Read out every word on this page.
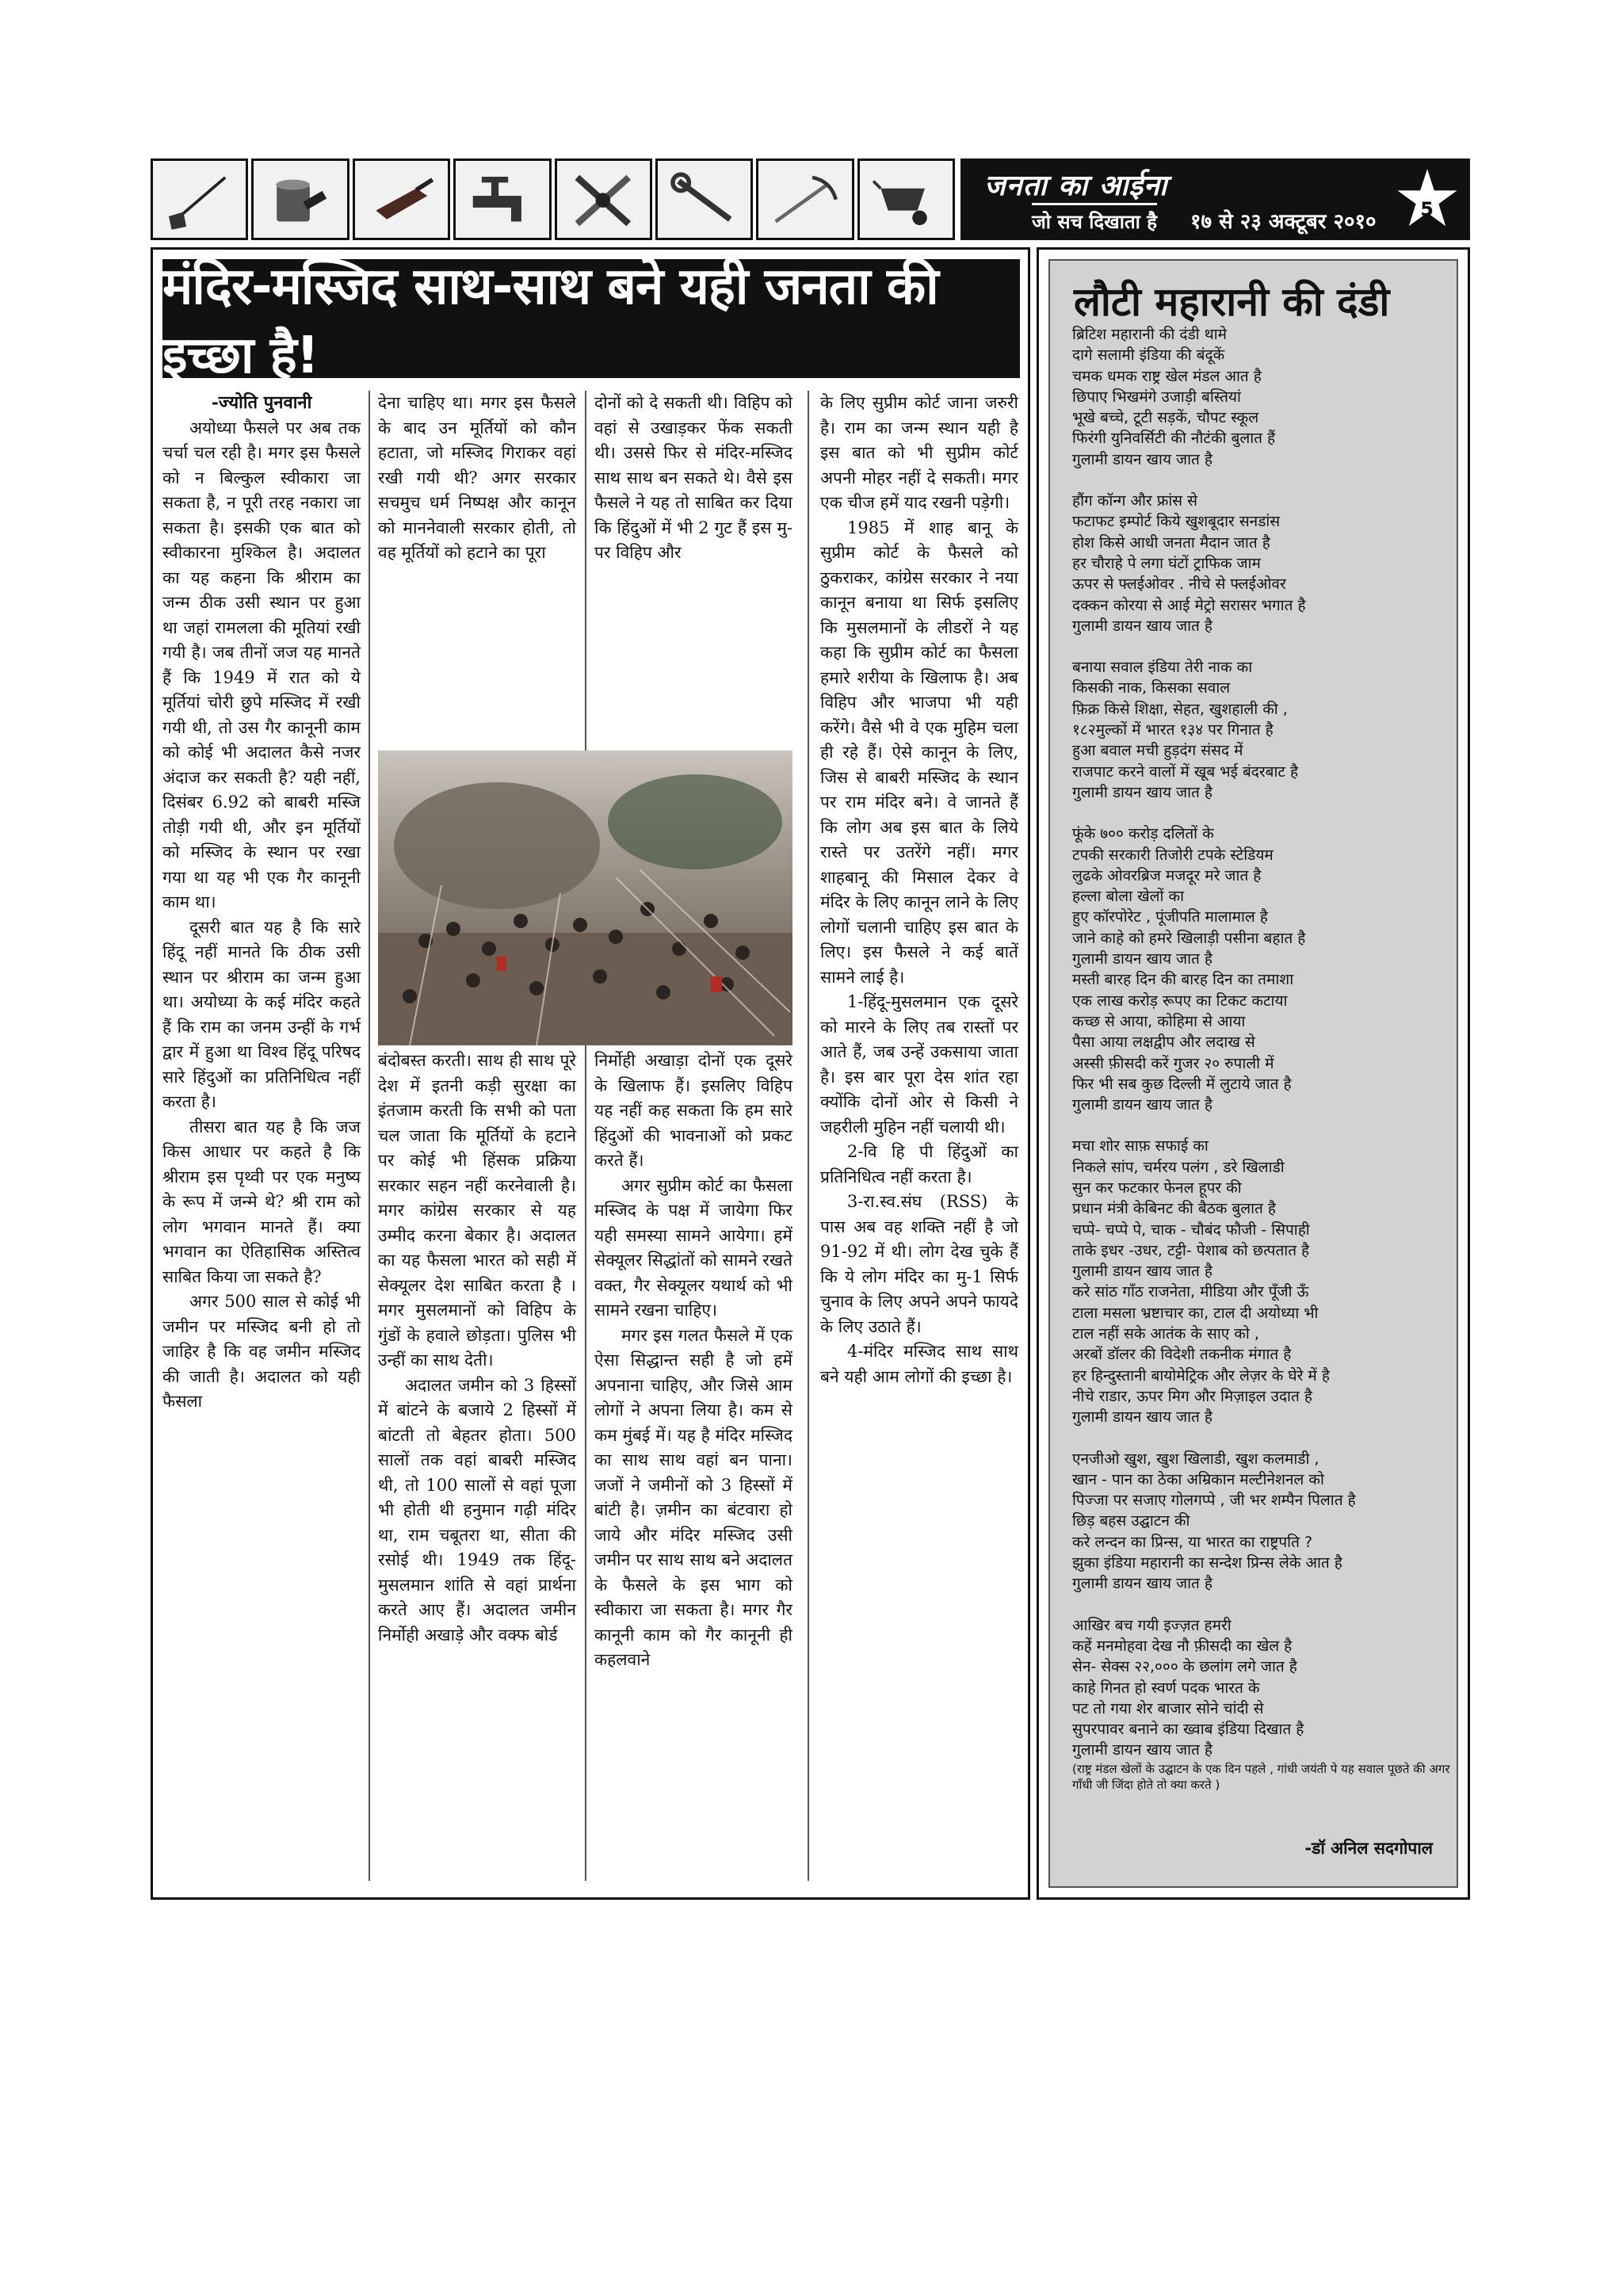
जनता का आईना
जो सच दिखाता है १७ से २३ अक्टूबर २०१०
5
मंदिर-मस्जिद साथ-साथ बने यही जनता की इच्छा है!

-ज्योति पुनवानी

अयोध्या फैसले पर अब तक चर्चा चल रही है। मगर इस फैसले को न बिल्कुल स्वीकारा जा सकता है, न पूरी तरह नकारा जा सकता है। इसकी एक बात को स्वीकारना मुश्किल है। अदालत का यह कहना कि श्रीराम का जन्म ठीक उसी स्थान पर हुआ था जहां रामलला की मूतियां रखी गयी है। जब तीनों जज यह मानते हैं कि 1949 में रात को ये मूर्तियां चोरी छुपे मस्जिद में रखी गयी थी, तो उस गैर कानूनी काम को कोई भी अदालत कैसे नजर अंदाज कर सकती है? यही नहीं, दिसंबर 6.92 को बाबरी मस्जि तोड़ी गयी थी, और इन मूर्तियों को मस्जिद के स्थान पर रखा गया था यह भी एक गैर कानूनी काम था।

दूसरी बात यह है कि सारे हिंदू नहीं मानते कि ठीक उसी स्थान पर श्रीराम का जन्म हुआ था। अयोध्या के कई मंदिर कहते हैं कि राम का जनम उन्हीं के गर्भ द्वार में हुआ था विश्व हिंदू परिषद सारे हिंदुओं का प्रतिनिधित्व नहीं करता है।

तीसरा बात यह है कि जज किस आधार पर कहते है कि श्रीराम इस पृथ्वी पर एक मनुष्य के रूप में जन्मे थे? श्री राम को लोग भगवान मानते हैं। क्या भगवान का ऐतिहासिक अस्तित्व साबित किया जा सकते है?

अगर 500 साल से कोई भी जमीन पर मस्जिद बनी हो तो जाहिर है कि वह जमीन मस्जिद की जाती है। अदालत को यही फैसला

देना चाहिए था। मगर इस फैसले के बाद उन मूर्तियों को कौन हटाता, जो मस्जिद गिराकर वहां रखी गयी थी? अगर सरकार सचमुच धर्म निष्पक्ष और कानून को माननेवाली सरकार होती, तो वह मूर्तियों को हटाने का पूरा

दोनों को दे सकती थी। विहिप को वहां से उखाड़कर फेंक सकती थी। उससे फिर से मंदिर-मस्जिद साथ साथ बन सकते थे। वैसे इस फैसले ने यह तो साबित कर दिया कि हिंदुओं में भी 2 गुट हैं इस मु- पर विहिप और

बंदोबस्त करती। साथ ही साथ पूरे देश में इतनी कड़ी सुरक्षा का इंतजाम करती कि सभी को पता चल जाता कि मूर्तियों के हटाने पर कोई भी हिंसक प्रक्रिया सरकार सहन नहीं करनेवाली है। मगर कांग्रेस सरकार से यह उम्मीद करना बेकार है। अदालत का यह फैसला भारत को सही में सेक्यूलर देश साबित करता है । मगर मुसलमानों को विहिप के गुंडों के हवाले छोड़ता। पुलिस भी उन्हीं का साथ देती।

अदालत जमीन को 3 हिस्सों में बांटने के बजाये 2 हिस्सों में बांटती तो बेहतर होता। 500 सालों तक वहां बाबरी मस्जिद थी, तो 100 सालों से वहां पूजा भी होती थी हनुमान गढ़ी मंदिर था, राम चबूतरा था, सीता की रसोई थी। 1949 तक हिंदू-मुसलमान शांति से वहां प्रार्थना करते आए हैं। अदालत जमीन निर्मोही अखाड़े और वक्फ बोर्ड

निर्मोही अखाड़ा दोनों एक दूसरे के खिलाफ हैं। इसलिए विहिप यह नहीं कह सकता कि हम सारे हिंदुओं की भावनाओं को प्रकट करते हैं।

अगर सुप्रीम कोर्ट का फैसला मस्जिद के पक्ष में जायेगा फिर यही समस्या सामने आयेगा। हमें सेक्यूलर सिद्धांतों को सामने रखते वक्त, गैर सेक्यूलर यथार्थ को भी सामने रखना चाहिए।

मगर इस गलत फैसले में एक ऐसा सिद्धान्त सही है जो हमें अपनाना चाहिए, और जिसे आम लोगों ने अपना लिया है। कम से कम मुंबई में। यह है मंदिर मस्जिद का साथ साथ वहां बन पाना। जजों ने जमीनों को 3 हिस्सों में बांटी है। ज़मीन का बंटवारा हो जाये और मंदिर मस्जिद उसी जमीन पर साथ साथ बने अदालत के फैसले के इस भाग को स्वीकारा जा सकता है। मगर गैर कानूनी काम को गैर कानूनी ही कहलवाने

के लिए सुप्रीम कोर्ट जाना जरुरी है। राम का जन्म स्थान यही है इस बात को भी सुप्रीम कोर्ट अपनी मोहर नहीं दे सकती। मगर एक चीज हमें याद रखनी पड़ेगी।

1985 में शाह बानू के सुप्रीम कोर्ट के फैसले को ठुकराकर, कांग्रेस सरकार ने नया कानून बनाया था सिर्फ इसलिए कि मुसलमानों के लीडरों ने यह कहा कि सुप्रीम कोर्ट का फैसला हमारे शरीया के खिलाफ है। अब विहिप और भाजपा भी यही करेंगे। वैसे भी वे एक मुहिम चला ही रहे हैं। ऐसे कानून के लिए, जिस से बाबरी मस्जिद के स्थान पर राम मंदिर बने। वे जानते हैं कि लोग अब इस बात के लिये रास्ते पर उतरेंगे नहीं। मगर शाहबानू की मिसाल देकर वे मंदिर के लिए कानून लाने के लिए लोगों चलानी चाहिए इस बात के लिए। इस फैसले ने कई बातें सामने लाई है।

1-हिंदू-मुसलमान एक दूसरे को मारने के लिए तब रास्तों पर आते हैं, जब उन्हें उकसाया जाता है। इस बार पूरा देस शांत रहा क्योंकि दोनों ओर से किसी ने जहरीली मुहिन नहीं चलायी थी।

2-वि हि पी हिंदुओं का प्रतिनिधित्व नहीं करता है।

3-रा.स्व.संघ (RSS) के पास अब वह शक्ति नहीं है जो 91-92 में थी। लोग देख चुके हैं कि ये लोग मंदिर का मु-1 सिर्फ चुनाव के लिए अपने अपने फायदे के लिए उठाते हैं।

4-मंदिर मस्जिद साथ साथ बने यही आम लोगों की इच्छा है।

लौटी महारानी की दंडी
ब्रिटिश महारानी की दंडी थामे
दागे सलामी इंडिया की बंदूकें
चमक धमक राष्ट्र खेल मंडल आत है
छिपाए भिखमंगे उजाड़ी बस्तियां
भूखे बच्चे, टूटी सड़कें, चौपट स्कूल
फिरंगी युनिवर्सिटी की नौटंकी बुलात हैं
गुलामी डायन खाय जात है
हौंग कॉन्ग और फ्रांस से
फटाफट इम्पोर्ट किये खुशबूदार सनडांस
होश किसे आधी जनता मैदान जात है
हर चौराहे पे लगा घंटों ट्राफिक जाम
ऊपर से फ्लईओवर . नीचे से फ्लईओवर
दक्कन कोरया से आई मेट्रो सरासर भगात है
गुलामी डायन खाय जात है
बनाया सवाल इंडिया तेरी नाक का
किसकी नाक, किसका सवाल
फ़िक्र किसे शिक्षा, सेहत, खुशहाली की ,
१८२मुल्कों में भारत १३४ पर गिनात है
हुआ बवाल मची हुड़दंग संसद में
राजपाट करने वालों में खूब भई बंदरबाट है
गुलामी डायन खाय जात है
फूंके ७०० करोड़ दलितों के
टपकी सरकारी तिजोरी टपके स्टेडियम
लुढके ओवरब्रिज मजदूर मरे जात है
हल्ला बोला खेलों का
हुए कॉरपोरेट , पूंजीपति मालामाल है
जाने काहे को हमरे खिलाड़ी पसीना बहात है
गुलामी डायन खाय जात है
मस्ती बारह दिन की बारह दिन का तमाशा
एक लाख करोड़ रूपए का टिकट कटाया
कच्छ से आया, कोहिमा से आया
पैसा आया लक्षद्वीप और लदाख से
अस्सी फ़ीसदी करें गुजर २० रुपाली में
फिर भी सब कुछ दिल्ली में लुटाये जात है
गुलामी डायन खाय जात है
मचा शोर साफ़ सफाई का
निकले सांप, चर्मरय पलंग , डरे खिलाडी
सुन कर फटकार फेनल हूपर की
प्रधान मंत्री केबिनट की बैठक बुलात है
चप्पे- चप्पे पे, चाक - चौबंद फौजी - सिपाही
ताके इधर -उधर, टट्टी- पेशाब को छत्पतात है
गुलामी डायन खाय जात है
करे सांठ गाँठ राजनेता, मीडिया और पूँजी ऊँ
टाला मसला भ्रष्टाचार का, टाल दी अयोध्या भी
टाल नहीं सके आतंक के साए को ,
अरबों डॉलर की विदेशी तकनीक मंगात है
हर हिन्दुस्तानी बायोमेट्रिक और लेज़र के घेरे में है
नीचे राडार, ऊपर मिग और मिज़ाइल उदात है
गुलामी डायन खाय जात है
एनजीओ खुश, खुश खिलाडी, खुश कलमाडी ,
खान - पान का ठेका अम्रिकान मल्टीनेशनल को
पिज्जा पर सजाए गोलगप्पे , जी भर शम्पैन पिलात है
छिड़ बहस उद्घाटन की
करे लन्दन का प्रिन्स, या भारत का राष्ट्रपति ?
झुका इंडिया महारानी का सन्देश प्रिन्स लेके आत है
गुलामी डायन खाय जात है
आखिर बच गयी इज्ज़त हमरी
कहें मनमोहवा देख नौ फ़ीसदी का खेल है
सेन- सेक्स २२,००० के छलांग लगे जात है
काहे गिनत हो स्वर्ण पदक भारत के
पट तो गया शेर बाजार सोने चांदी से
सुपरपावर बनाने का ख्वाब इंडिया दिखात है
गुलामी डायन खाय जात है
(राष्ट्र मंडल खेलों के उद्घाटन के एक दिन पहले , गांधी जयंती पे यह सवाल पूछते की अगर गाँधी जी जिंदा होते तो क्या करते )
-डॉ अनिल सदगोपाल
